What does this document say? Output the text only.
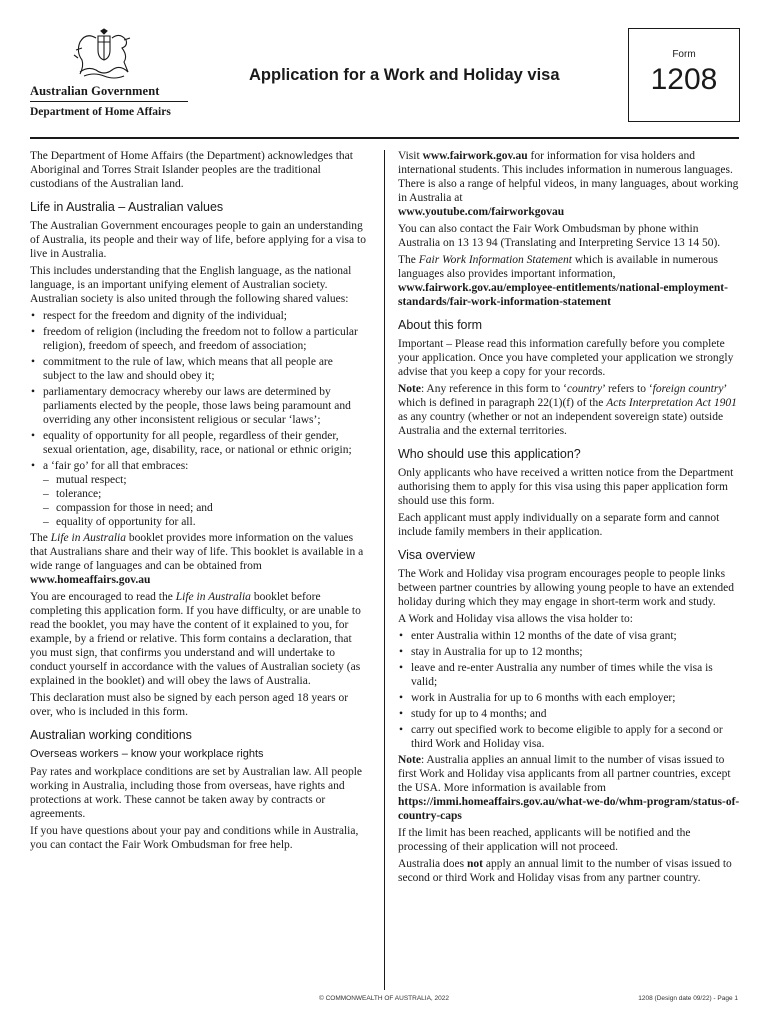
Australian Government
Department of Home Affairs
Application for a Work and Holiday visa
Form
1208

The Department of Home Affairs (the Department) acknowledges that Aboriginal and Torres Strait Islander peoples are the traditional custodians of the Australian land.

Life in Australia – Australian values

The Australian Government encourages people to gain an understanding of Australia, its people and their way of life, before applying for a visa to live in Australia.

This includes understanding that the English language, as the national language, is an important unifying element of Australian society. Australian society is also united through the following shared values:

• respect for the freedom and dignity of the individual;
• freedom of religion (including the freedom not to follow a particular religion), freedom of speech, and freedom of association;
• commitment to the rule of law, which means that all people are subject to the law and should obey it;
• parliamentary democracy whereby our laws are determined by parliaments elected by the people, those laws being paramount and overriding any other inconsistent religious or secular ‘laws’;
• equality of opportunity for all people, regardless of their gender, sexual orientation, age, disability, race, or national or ethnic origin;
• a ‘fair go’ for all that embraces:
– mutual respect;
– tolerance;
– compassion for those in need; and
– equality of opportunity for all.

The Life in Australia booklet provides more information on the values that Australians share and their way of life. This booklet is available in a wide range of languages and can be obtained from
www.homeaffairs.gov.au

You are encouraged to read the Life in Australia booklet before completing this application form. If you have difficulty, or are unable to read the booklet, you may have the content of it explained to you, for example, by a friend or relative. This form contains a declaration, that you must sign, that confirms you understand and will undertake to conduct yourself in accordance with the values of Australian society (as explained in the booklet) and will obey the laws of Australia.

This declaration must also be signed by each person aged 18 years or over, who is included in this form.

Australian working conditions
Overseas workers – know your workplace rights

Pay rates and workplace conditions are set by Australian law. All people working in Australia, including those from overseas, have rights and protections at work. These cannot be taken away by contracts or agreements.

If you have questions about your pay and conditions while in Australia, you can contact the Fair Work Ombudsman for free help.

Visit www.fairwork.gov.au for information for visa holders and international students. This includes information in numerous languages. There is also a range of helpful videos, in many languages, about working in Australia at
www.youtube.com/fairworkgovau

You can also contact the Fair Work Ombudsman by phone within Australia on 13 13 94 (Translating and Interpreting Service 13 14 50).

The Fair Work Information Statement which is available in numerous languages also provides important information,
www.fairwork.gov.au/employee-entitlements/national-employment-standards/fair-work-information-statement

About this form

Important – Please read this information carefully before you complete your application. Once you have completed your application we strongly advise that you keep a copy for your records.

Note: Any reference in this form to ‘country’ refers to ‘foreign country’ which is defined in paragraph 22(1)(f) of the Acts Interpretation Act 1901 as any country (whether or not an independent sovereign state) outside Australia and the external territories.

Who should use this application?

Only applicants who have received a written notice from the Department authorising them to apply for this visa using this paper application form should use this form.

Each applicant must apply individually on a separate form and cannot include family members in their application.

Visa overview

The Work and Holiday visa program encourages people to people links between partner countries by allowing young people to have an extended holiday during which they may engage in short-term work and study.

A Work and Holiday visa allows the visa holder to:

• enter Australia within 12 months of the date of visa grant;
• stay in Australia for up to 12 months;
• leave and re-enter Australia any number of times while the visa is valid;
• work in Australia for up to 6 months with each employer;
• study for up to 4 months; and
• carry out specified work to become eligible to apply for a second or third Work and Holiday visa.

Note: Australia applies an annual limit to the number of visas issued to first Work and Holiday visa applicants from all partner countries, except the USA. More information is available from
https://immi.homeaffairs.gov.au/what-we-do/whm-program/status-of-country-caps

If the limit has been reached, applicants will be notified and the processing of their application will not proceed.

Australia does not apply an annual limit to the number of visas issued to second or third Work and Holiday visas from any partner country.

© COMMONWEALTH OF AUSTRALIA, 2022	1208 (Design date 09/22) - Page 1
